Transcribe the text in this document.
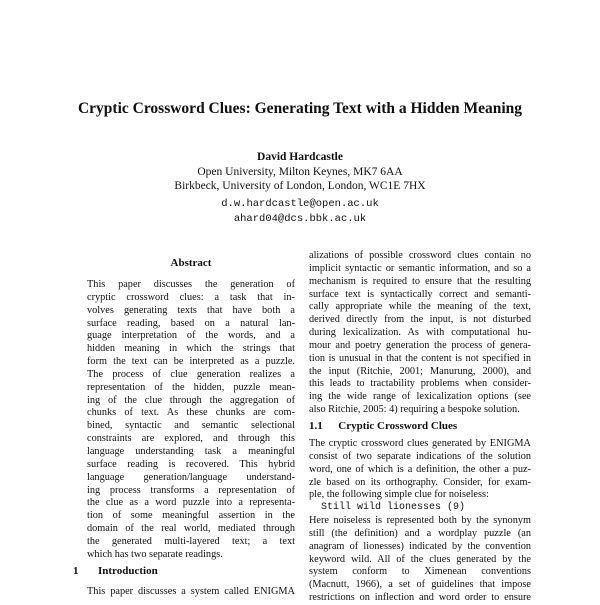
Cryptic Crossword Clues: Generating Text with a Hidden Meaning
David Hardcastle
Open University, Milton Keynes, MK7 6AA
Birkbeck, University of London, London, WC1E 7HX
d.w.hardcastle@open.ac.uk
ahard04@dcs.bbk.ac.uk
Abstract
This paper discusses the generation of
cryptic crossword clues: a task that in-
volves generating texts that have both a
surface reading, based on a natural lan-
guage interpretation of the words, and a
hidden meaning in which the strings that
form the text can be interpreted as a puzzle.
The process of clue generation realizes a
representation of the hidden, puzzle mean-
ing of the clue through the aggregation of
chunks of text. As these chunks are com-
bined, syntactic and semantic selectional
constraints are explored, and through this
language understanding task a meaningful
surface reading is recovered. This hybrid
language generation/language understand-
ing process transforms a representation of
the clue as a word puzzle into a representa-
tion of some meaningful assertion in the
domain of the real world, mediated through
the generated multi-layered text; a text
which has two separate readings.
1 Introduction
This paper discusses a system called ENIGMA
alizations of possible crossword clues contain no
implicit syntactic or semantic information, and so a
mechanism is required to ensure that the resulting
surface text is syntactically correct and semanti-
cally appropriate while the meaning of the text,
derived directly from the input, is not disturbed
during lexicalization. As with computational hu-
mour and poetry generation the process of genera-
tion is unusual in that the content is not specified in
the input (Ritchie, 2001; Manurung, 2000), and
this leads to tractability problems when consider-
ing the wide range of lexicalization options (see
also Ritchie, 2005: 4) requiring a bespoke solution.
1.1 Cryptic Crossword Clues
The cryptic crossword clues generated by ENIGMA
consist of two separate indications of the solution
word, one of which is a definition, the other a puz-
zle based on its orthography. Consider, for exam-
ple, the following simple clue for noiseless:
Still wild lionesses (9)
Here noiseless is represented both by the synonym
still (the definition) and a wordplay puzzle (an
anagram of lionesses) indicated by the convention
keyword wild. All of the clues generated by the
system conform to Ximenean conventions
(Macnutt, 1966), a set of guidelines that impose
restrictions on inflection and word order to ensure
